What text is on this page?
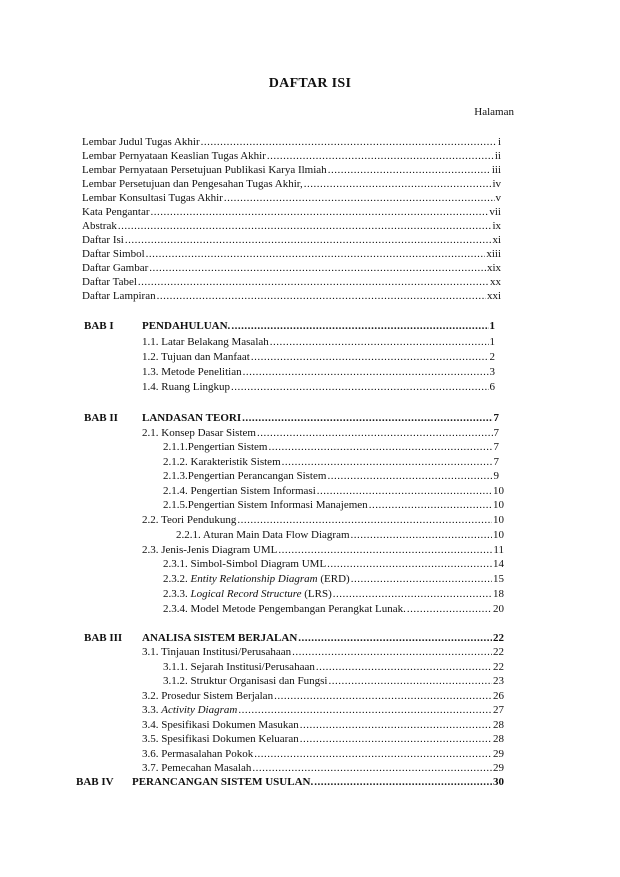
DAFTAR ISI
Halaman
Lembar Judul Tugas Akhir .....	i
Lembar Pernyataan Keaslian Tugas Akhir .....	ii
Lembar Pernyataan Persetujuan Publikasi Karya Ilmiah .....	iii
Lembar Persetujuan dan Pengesahan Tugas Akhir, .....	iv
Lembar Konsultasi Tugas Akhir .....	v
Kata Pengantar .....	vii
Abstrak .....	ix
Daftar Isi .....	xi
Daftar Simbol .....	xiii
Daftar Gambar .....	xix
Daftar Tabel .....	xx
Daftar Lampiran .....	xxi
BAB I	PENDAHULUAN. .....	1
1.1. Latar Belakang Masalah .....	1
1.2. Tujuan dan Manfaat .....	2
1.3. Metode Penelitian .....	3
1.4. Ruang Lingkup .....	6
BAB II LANDASAN TEORI .....	7
2.1. Konsep Dasar Sistem .....	7
2.1.1.Pengertian Sistem .....	7
2.1.2. Karakteristik Sistem .....	7
2.1.3.Pengertian Perancangan Sistem .....	9
2.1.4. Pengertian Sistem Informasi .....	10
2.1.5.Pengertian Sistem Informasi Manajemen .....	10
2.2. Teori Pendukung .....	10
2.2.1. Aturan Main Data Flow Diagram .....	10
2.3. Jenis-Jenis Diagram UML .....	11
2.3.1. Simbol-Simbol Diagram UML .....	14
2.3.2. Entity Relationship Diagram (ERD) .....	15
2.3.3. Logical Record Structure (LRS) .....	18
2.3.4. Model Metode Pengembangan Perangkat Lunak. .....	20
BAB III ANALISA SISTEM BERJALAN .....	22
3.1. Tinjauan Institusi/Perusahaan .....	22
3.1.1. Sejarah Institusi/Perusahaan .....	22
3.1.2. Struktur Organisasi dan Fungsi .....	23
3.2. Prosedur Sistem Berjalan .....	26
3.3. Activity Diagram .....	27
3.4. Spesifikasi Dokumen Masukan .....	28
3.5. Spesifikasi Dokumen Keluaran .....	28
3.6. Permasalahan Pokok .....	29
3.7. Pemecahan Masalah .....	29
BAB IV PERANCANGAN SISTEM USULAN. .....	30
